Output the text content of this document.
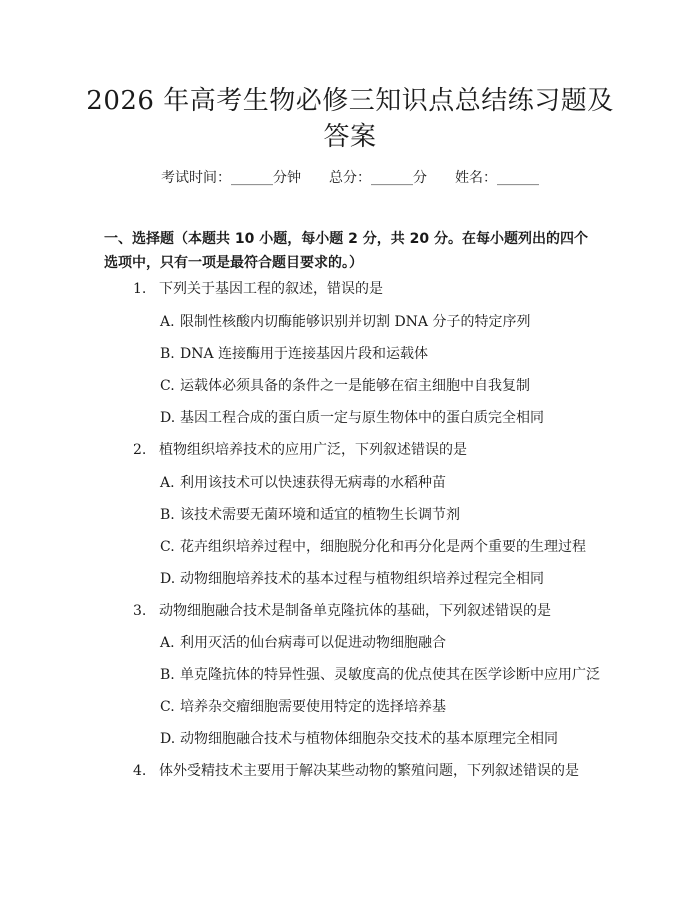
2026 年高考生物必修三知识点总结练习题及
答案
考试时间：______分钟 总分：______分 姓名：______
一、选择题（本题共 10 小题，每小题 2 分，共 20 分。在每小题列出的四个选项中，只有一项是最符合题目要求的。）
1. 下列关于基因工程的叙述，错误的是
A. 限制性核酸内切酶能够识别并切割 DNA 分子的特定序列
B. DNA 连接酶用于连接基因片段和运载体
C. 运载体必须具备的条件之一是能够在宿主细胞中自我复制
D. 基因工程合成的蛋白质一定与原生物体中的蛋白质完全相同
2. 植物组织培养技术的应用广泛，下列叙述错误的是
A. 利用该技术可以快速获得无病毒的水稻种苗
B. 该技术需要无菌环境和适宜的植物生长调节剂
C. 花卉组织培养过程中，细胞脱分化和再分化是两个重要的生理过程
D. 动物细胞培养技术的基本过程与植物组织培养过程完全相同
3. 动物细胞融合技术是制备单克隆抗体的基础，下列叙述错误的是
A. 利用灭活的仙台病毒可以促进动物细胞融合
B. 单克隆抗体的特异性强、灵敏度高的优点使其在医学诊断中应用广泛
C. 培养杂交瘤细胞需要使用特定的选择培养基
D. 动物细胞融合技术与植物体细胞杂交技术的基本原理完全相同
4. 体外受精技术主要用于解决某些动物的繁殖问题，下列叙述错误的是
